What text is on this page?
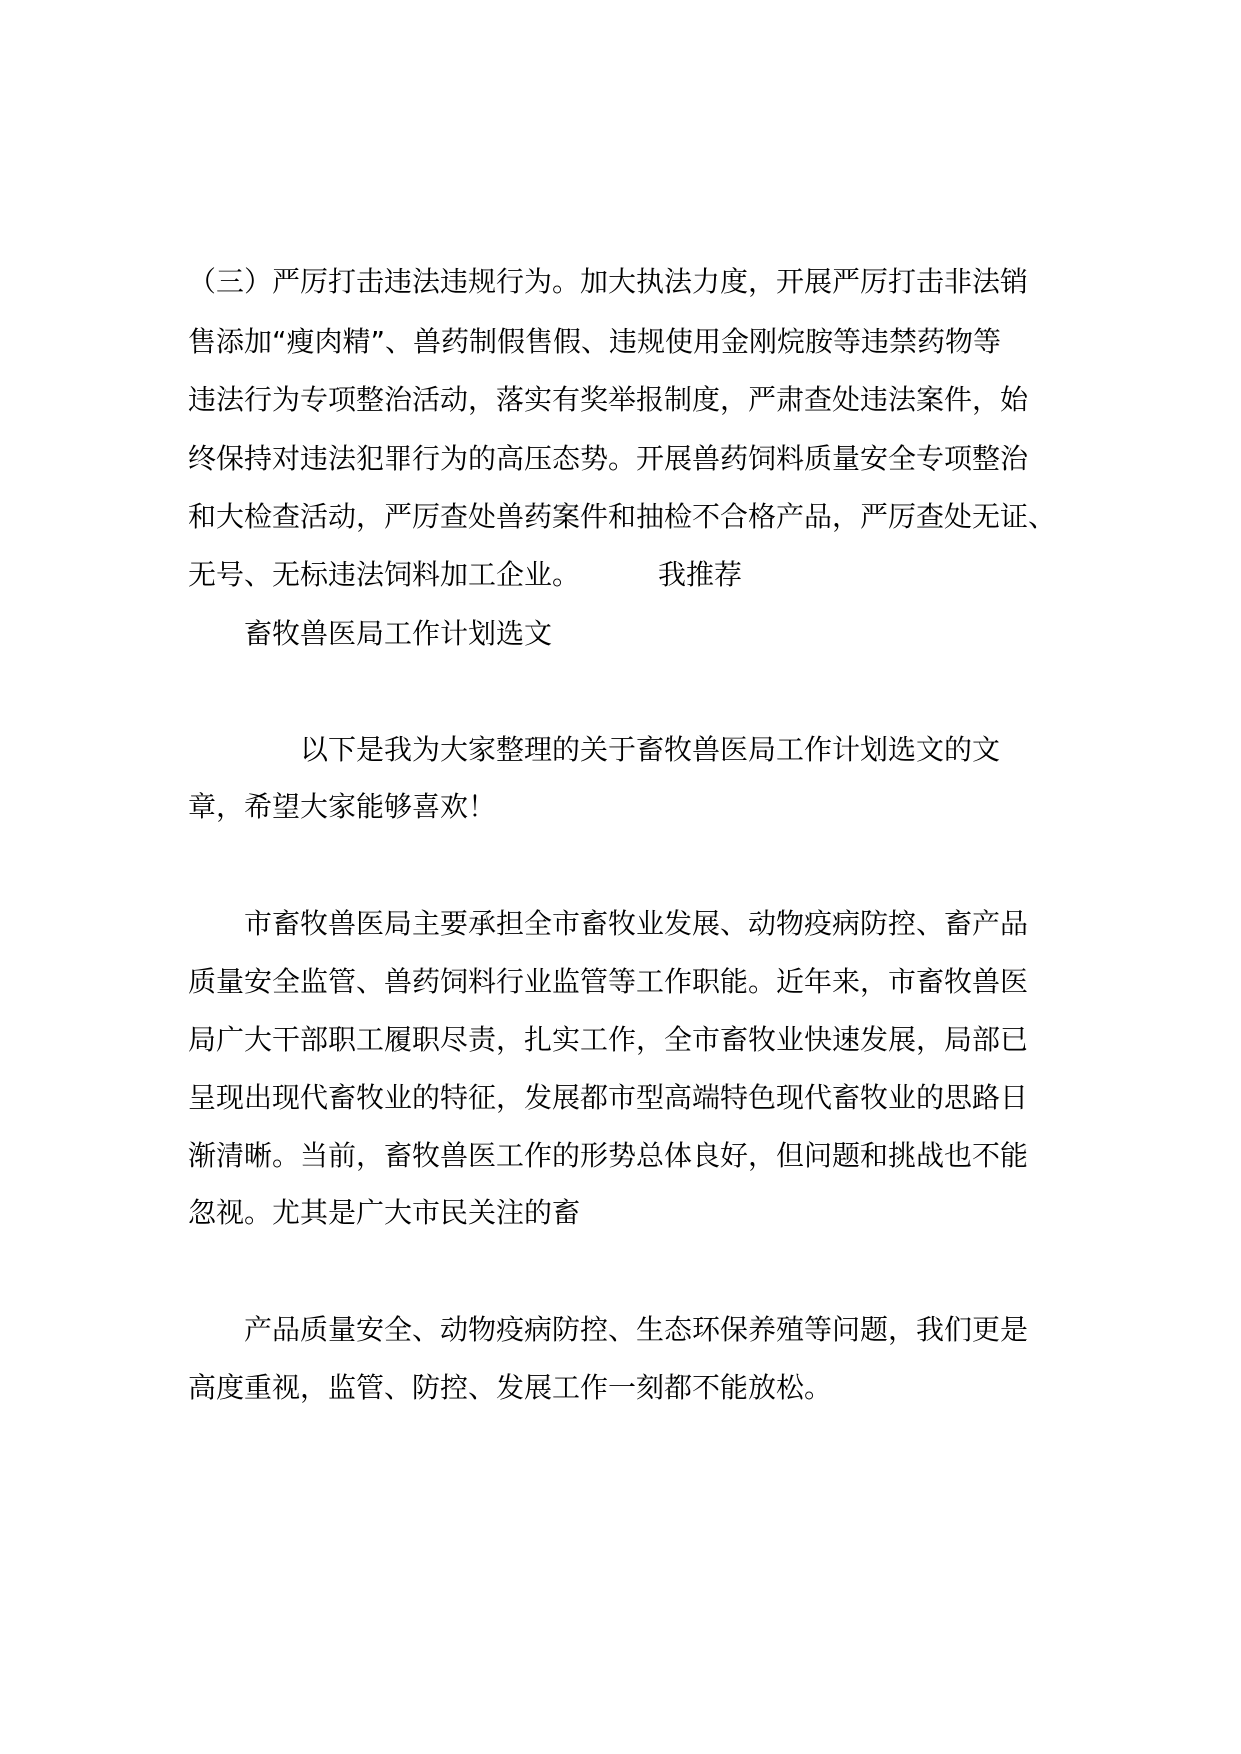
（三）严厉打击违法违规行为。加大执法力度，开展严厉打击非法销

售添加“瘦肉精”、兽药制假售假、违规使用金刚烷胺等违禁药物等

违法行为专项整治活动，落实有奖举报制度，严肃查处违法案件，始

终保持对违法犯罪行为的高压态势。开展兽药饲料质量安全专项整治

和大检查活动，严厉查处兽药案件和抽检不合格产品，严厉查处无证、

无号、无标违法饲料加工企业。	我推荐

畜牧兽医局工作计划选文

以下是我为大家整理的关于畜牧兽医局工作计划选文的文

章，希望大家能够喜欢！

市畜牧兽医局主要承担全市畜牧业发展、动物疫病防控、畜产品

质量安全监管、兽药饲料行业监管等工作职能。近年来，市畜牧兽医

局广大干部职工履职尽责，扎实工作，全市畜牧业快速发展，局部已

呈现出现代畜牧业的特征，发展都市型高端特色现代畜牧业的思路日

渐清晰。当前，畜牧兽医工作的形势总体良好，但问题和挑战也不能

忽视。尤其是广大市民关注的畜

产品质量安全、动物疫病防控、生态环保养殖等问题，我们更是

高度重视，监管、防控、发展工作一刻都不能放松。
